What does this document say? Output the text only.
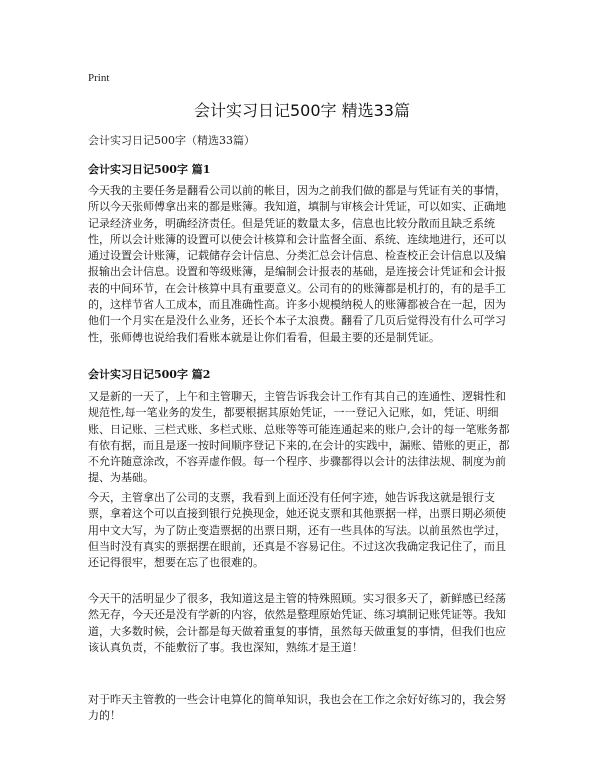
Print
会计实习日记500字 精选33篇
会计实习日记500字（精选33篇）
会计实习日记500字 篇1
今天我的主要任务是翻看公司以前的帐目，因为之前我们做的都是与凭证有关的事情，所以今天张师傅拿出来的都是账簿。我知道，填制与审核会计凭证，可以如实、正确地记录经济业务，明确经济责任。但是凭证的数量太多，信息也比较分散而且缺乏系统性，所以会计账簿的设置可以使会计核算和会计监督全面、系统、连续地进行，还可以通过设置会计账簿，记载储存会计信息、分类汇总会计信息、检查校正会计信息以及编报输出会计信息。设置和等级账簿，是编制会计报表的基础，是连接会计凭证和会计报表的中间环节，在会计核算中具有重要意义。公司有的的账簿都是机打的，有的是手工的，这样节省人工成本，而且准确性高。许多小规模纳税人的账簿都被合在一起，因为他们一个月实在是没什么业务，还长个本子太浪费。翻看了几页后觉得没有什么可学习性，张师傅也说给我们看账本就是让你们看看，但最主要的还是制凭证。
会计实习日记500字 篇2
又是新的一天了，上午和主管聊天，主管告诉我会计工作有其自己的连通性、逻辑性和规范性,每一笔业务的发生，都要根据其原始凭证，一一登记入记账，如，凭证、明细账、日记账、三栏式账、多栏式账、总账等等可能连通起来的账户,会计的每一笔账务都有依有据，而且是逐一按时间顺序登记下来的,在会计的实践中，漏账、错账的更正，都不允许随意涂改，不容弄虚作假。每一个程序、步骤都得以会计的法律法规、制度为前提、为基础。
今天，主管拿出了公司的支票，我看到上面还没有任何字迹，她告诉我这就是银行支票，拿着这个可以直接到银行兑换现金，她还说支票和其他票据一样，出票日期必须使用中文大写，为了防止变造票据的出票日期，还有一些具体的写法。以前虽然也学过，但当时没有真实的票据摆在眼前，还真是不容易记住。不过这次我确定我记住了，而且还记得很牢，想要在忘了也很难的。
今天干的活明显少了很多，我知道这是主管的特殊照顾。实习很多天了，新鲜感已经荡然无存，今天还是没有学新的内容，依然是整理原始凭证、练习填制记账凭证等。我知道，大多数时候，会计都是每天做着重复的事情，虽然每天做重复的事情，但我们也应该认真负责，不能敷衍了事。我也深知，熟练才是王道！
对于昨天主管教的一些会计电算化的简单知识，我也会在工作之余好好练习的，我会努力的！
